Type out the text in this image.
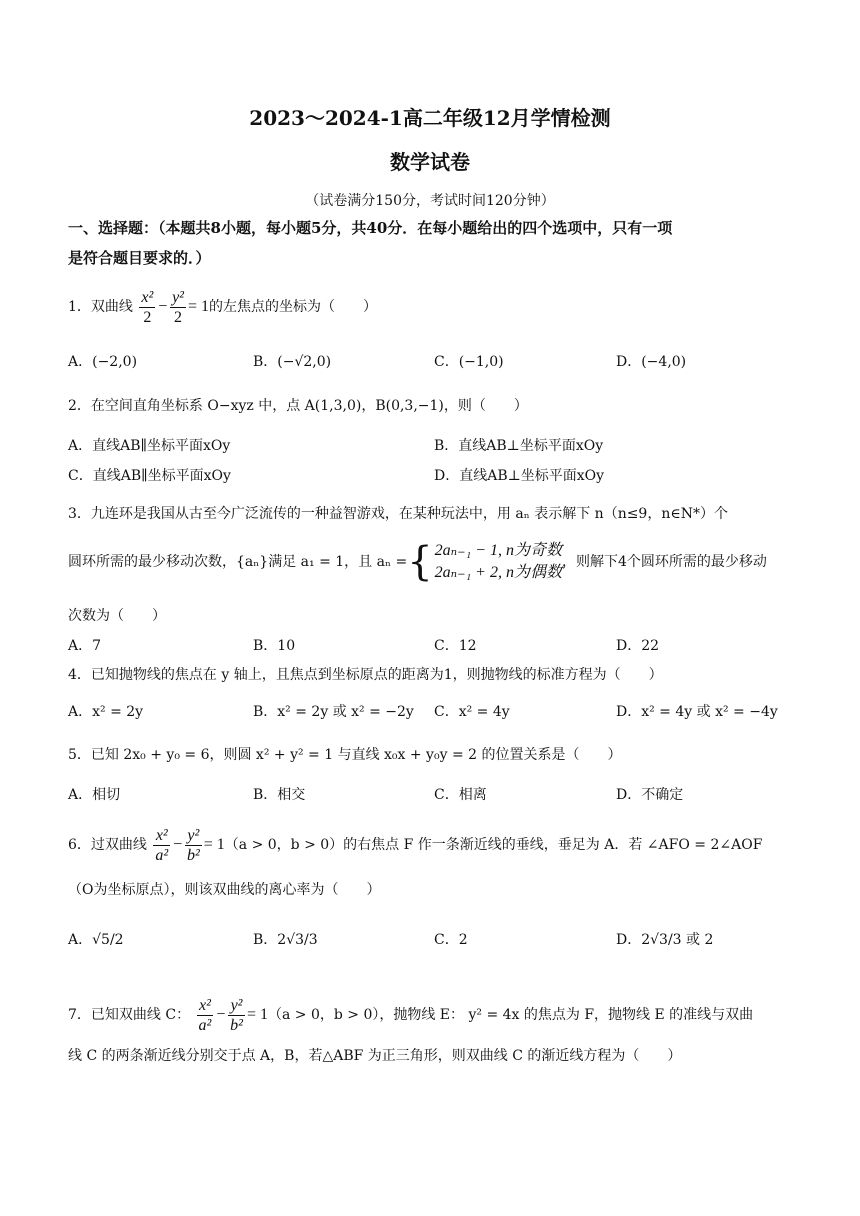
2023～2024-1高二年级12月学情检测
数学试卷
（试卷满分150分，考试时间120分钟）
一、选择题：（本题共8小题，每小题5分，共40分．在每小题给出的四个选项中，只有一项
是符合题目要求的．）
1．双曲线 $\frac{\text{x²}}{2} - \frac{\text{y²}}{2} = 1$的左焦点的坐标为（　　）
A．(−2,0)	B．(−√2,0)	C．(−1,0)	D．(−4,0)
2．在空间直角坐标系 O−xyz 中，点 A(1,3,0)，B(0,3,−1)，则（　　）
A．直线AB∥坐标平面xOy	B．直线AB⊥坐标平面xOy
C．直线AB∥坐标平面xOy	D．直线AB⊥坐标平面xOy
3．九连环是我国从古至今广泛流传的一种益智游戏，在某种玩法中，用 aₙ 表示解下 n（n≤9，n∈N*）个
圆环所需的最少移动次数，{aₙ}满足 a₁ = 1，且 aₙ ={ 2aₙ₋₁ − 1, n为奇数
2aₙ₋₁ + 2, n为偶数，则解下4个圆环所需的最少移动
次数为（　　）
A．7	B．10	C．12	D．22
4．已知抛物线的焦点在 y 轴上，且焦点到坐标原点的距离为1，则抛物线的标准方程为（　　）
A．x² = 2y	B．x² = 2y 或 x² = −2y C．x² = 4y	D．x² = 4y 或 x² = −4y
5．已知 2x₀ + y₀ = 6，则圆 x² + y² = 1 与直线 x₀x + y₀y = 2 的位置关系是（　　）
A．相切	B．相交	C．相离	D．不确定
6．过双曲线 $\frac{\text{x²}}{\text{a²}} - \frac{\text{y²}}{\text{b²}} = 1(a > 0$，b > 0）的右焦点 F 作一条渐近线的垂线，垂足为 A．若 ∠AFO = 2∠AOF
（O为坐标原点），则该双曲线的离心率为（　　）
A．√5/2	B．2√3/3	C．2	D．2√3/3 或 2
7．已知双曲线 C： $\frac{\text{x²}}{\text{a²}} - \frac{\text{y²}}{\text{b²}} = 1(a > 0$，b > 0），抛物线 E： y² = 4x 的焦点为 F，抛物线 E 的准线与双曲
线 C 的两条渐近线分别交于点 A，B，若△ABF 为正三角形，则双曲线 C 的渐近线方程为（　　）
